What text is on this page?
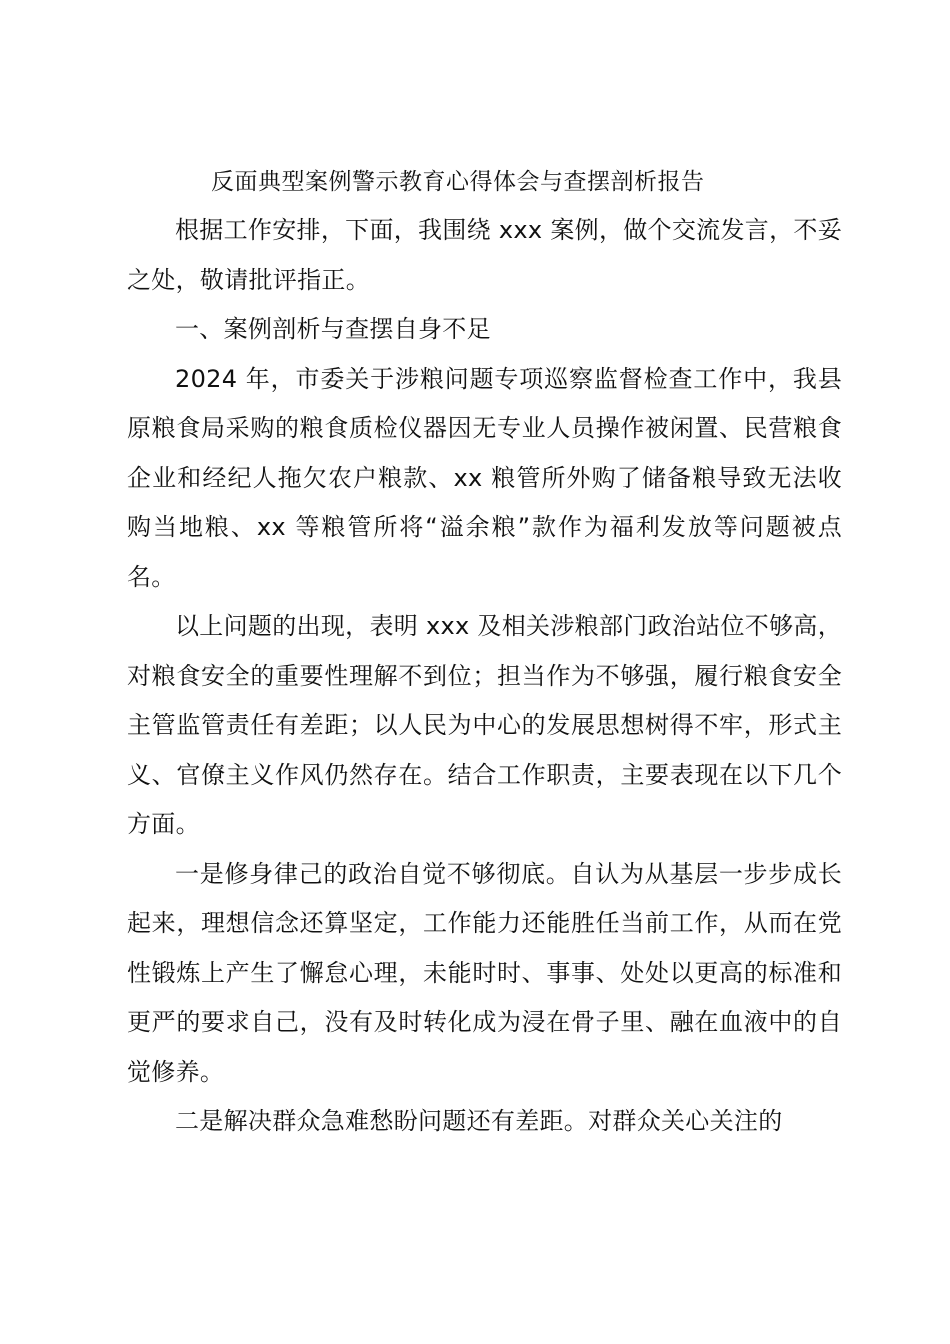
反面典型案例警示教育心得体会与查摆剖析报告

根据工作安排，下面，我围绕 xxx 案例，做个交流发言，不妥之处，敬请批评指正。

一、案例剖析与查摆自身不足

2024 年，市委关于涉粮问题专项巡察监督检查工作中，我县原粮食局采购的粮食质检仪器因无专业人员操作被闲置、民营粮食企业和经纪人拖欠农户粮款、xx 粮管所外购了储备粮导致无法收购当地粮、xx 等粮管所将“溢余粮”款作为福利发放等问题被点名。

以上问题的出现，表明 xxx 及相关涉粮部门政治站位不够高，对粮食安全的重要性理解不到位；担当作为不够强，履行粮食安全主管监管责任有差距；以人民为中心的发展思想树得不牢，形式主义、官僚主义作风仍然存在。结合工作职责，主要表现在以下几个方面。

一是修身律己的政治自觉不够彻底。自认为从基层一步步成长起来，理想信念还算坚定，工作能力还能胜任当前工作，从而在党性锻炼上产生了懈怠心理，未能时时、事事、处处以更高的标准和更严的要求自己，没有及时转化成为浸在骨子里、融在血液中的自觉修养。

二是解决群众急难愁盼问题还有差距。对群众关心关注的
